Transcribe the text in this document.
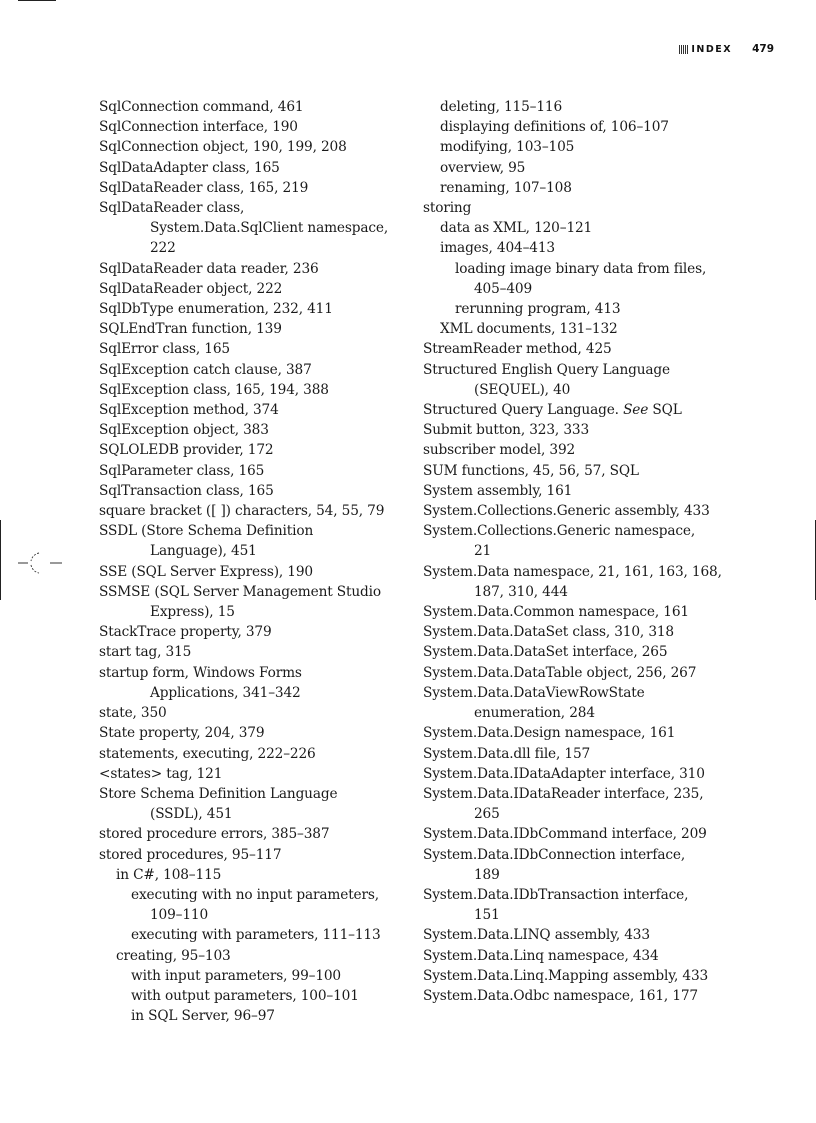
INDEX 479
SqlConnection command, 461
SqlConnection interface, 190
SqlConnection object, 190, 199, 208
SqlDataAdapter class, 165
SqlDataReader class, 165, 219
SqlDataReader class,
System.Data.SqlClient namespace,
222
SqlDataReader data reader, 236
SqlDataReader object, 222
SqlDbType enumeration, 232, 411
SQLEndTran function, 139
SqlError class, 165
SqlException catch clause, 387
SqlException class, 165, 194, 388
SqlException method, 374
SqlException object, 383
SQLOLEDB provider, 172
SqlParameter class, 165
SqlTransaction class, 165
square bracket ([ ]) characters, 54, 55, 79
SSDL (Store Schema Definition
Language), 451
SSE (SQL Server Express), 190
SSMSE (SQL Server Management Studio
Express), 15
StackTrace property, 379
start tag, 315
startup form, Windows Forms
Applications, 341–342
state, 350
State property, 204, 379
statements, executing, 222–226
<states> tag, 121
Store Schema Definition Language
(SSDL), 451
stored procedure errors, 385–387
stored procedures, 95–117
in C#, 108–115
executing with no input parameters,
109–110
executing with parameters, 111–113
creating, 95–103
with input parameters, 99–100
with output parameters, 100–101
in SQL Server, 96–97
deleting, 115–116
displaying definitions of, 106–107
modifying, 103–105
overview, 95
renaming, 107–108
storing
data as XML, 120–121
images, 404–413
loading image binary data from files,
405–409
rerunning program, 413
XML documents, 131–132
StreamReader method, 425
Structured English Query Language
(SEQUEL), 40
Structured Query Language. See SQL
Submit button, 323, 333
subscriber model, 392
SUM functions, 45, 56, 57, SQL
System assembly, 161
System.Collections.Generic assembly, 433
System.Collections.Generic namespace,
21
System.Data namespace, 21, 161, 163, 168,
187, 310, 444
System.Data.Common namespace, 161
System.Data.DataSet class, 310, 318
System.Data.DataSet interface, 265
System.Data.DataTable object, 256, 267
System.Data.DataViewRowState
enumeration, 284
System.Data.Design namespace, 161
System.Data.dll file, 157
System.Data.IDataAdapter interface, 310
System.Data.IDataReader interface, 235,
265
System.Data.IDbCommand interface, 209
System.Data.IDbConnection interface,
189
System.Data.IDbTransaction interface,
151
System.Data.LINQ assembly, 433
System.Data.Linq namespace, 434
System.Data.Linq.Mapping assembly, 433
System.Data.Odbc namespace, 161, 177
